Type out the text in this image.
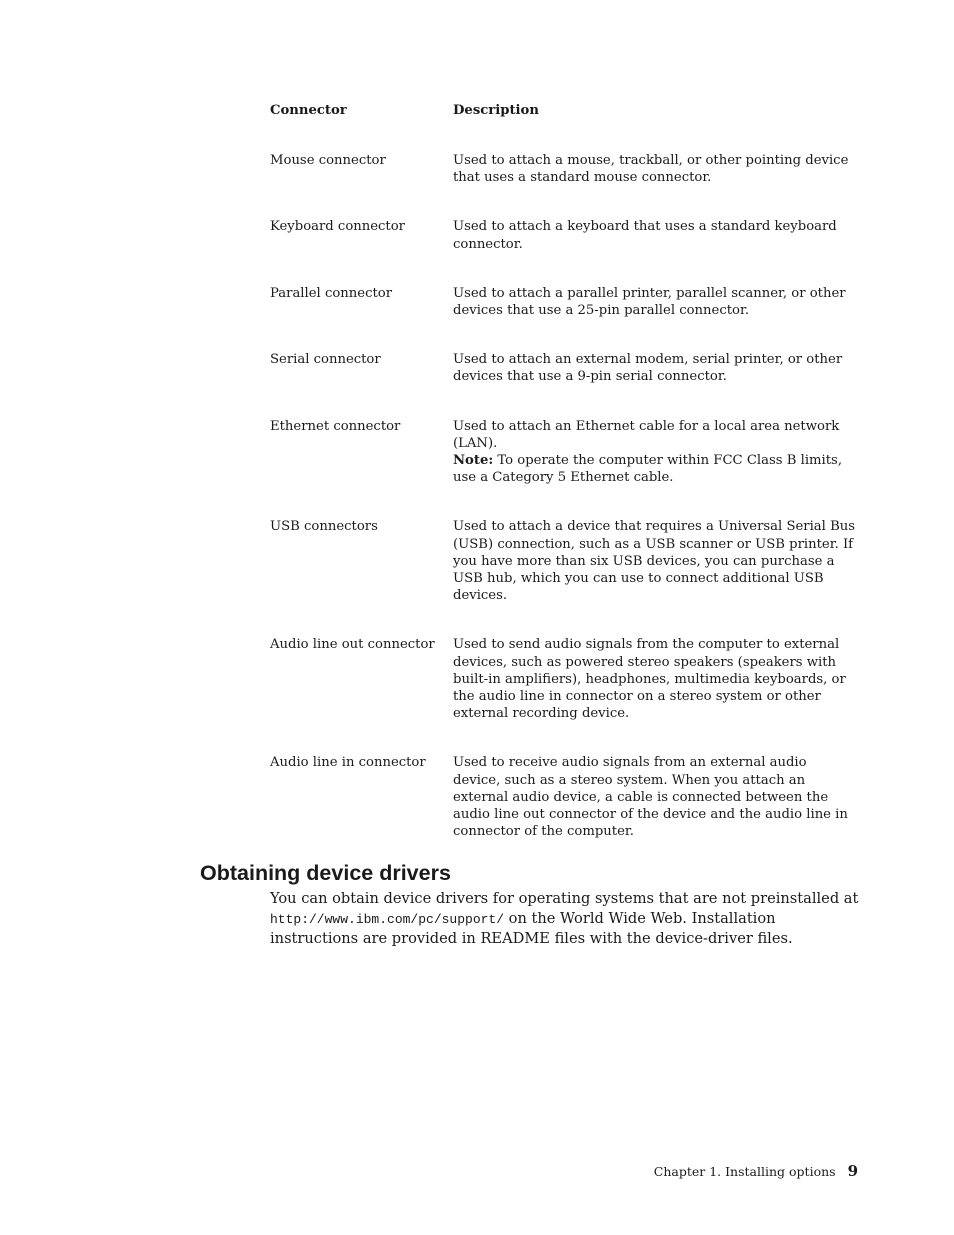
Connector	Description
Mouse connector	Used to attach a mouse, trackball, or other pointing device that uses a standard mouse connector.
Keyboard connector	Used to attach a keyboard that uses a standard keyboard connector.
Parallel connector	Used to attach a parallel printer, parallel scanner, or other devices that use a 25-pin parallel connector.
Serial connector	Used to attach an external modem, serial printer, or other devices that use a 9-pin serial connector.
Ethernet connector	Used to attach an Ethernet cable for a local area network (LAN).
Note: To operate the computer within FCC Class B limits, use a Category 5 Ethernet cable.
USB connectors	Used to attach a device that requires a Universal Serial Bus (USB) connection, such as a USB scanner or USB printer. If you have more than six USB devices, you can purchase a USB hub, which you can use to connect additional USB devices.
Audio line out connector	Used to send audio signals from the computer to external devices, such as powered stereo speakers (speakers with built-in amplifiers), headphones, multimedia keyboards, or the audio line in connector on a stereo system or other external recording device.
Audio line in connector	Used to receive audio signals from an external audio device, such as a stereo system. When you attach an external audio device, a cable is connected between the audio line out connector of the device and the audio line in connector of the computer.
Obtaining device drivers

You can obtain device drivers for operating systems that are not preinstalled at http://www.ibm.com/pc/support/ on the World Wide Web. Installation instructions are provided in README files with the device-driver files.

Chapter 1. Installing options 9
